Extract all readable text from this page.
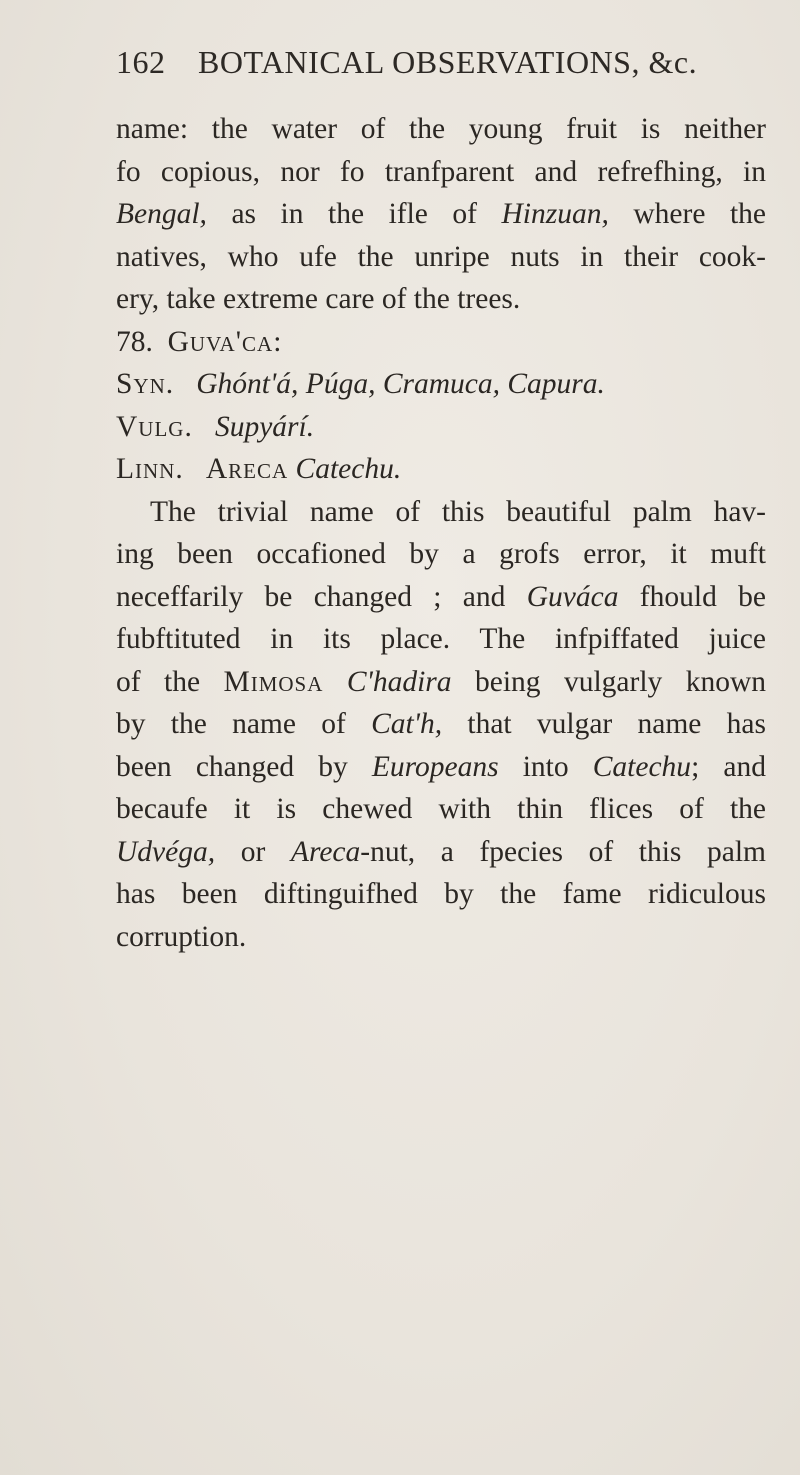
162 BOTANICAL OBSERVATIONS, &c.
name: the water of the young fruit is neither
fo copious, nor fo tranfparent and refrefhing, in
Bengal, as in the ifle of Hinzuan, where the
natives, who ufe the unripe nuts in their cook-
ery, take extreme care of the trees.
78. Guva'ca:
Syn. Ghónt'á, Púga, Cramuca, Capura.
Vulg. Supyárí.
Linn. Areca Catechu.
The trivial name of this beautiful palm hav-
ing been occafioned by a grofs error, it muft
neceffarily be changed ; and Guváca fhould be
fubftituted in its place. The infpiffated juice
of the Mimosa C'hadira being vulgarly known
by the name of Cat'h, that vulgar name has
been changed by Europeans into Catechu; and
becaufe it is chewed with thin flices of the
Udvéga, or Areca-nut, a fpecies of this palm
has been diftinguifhed by the fame ridiculous
corruption.
